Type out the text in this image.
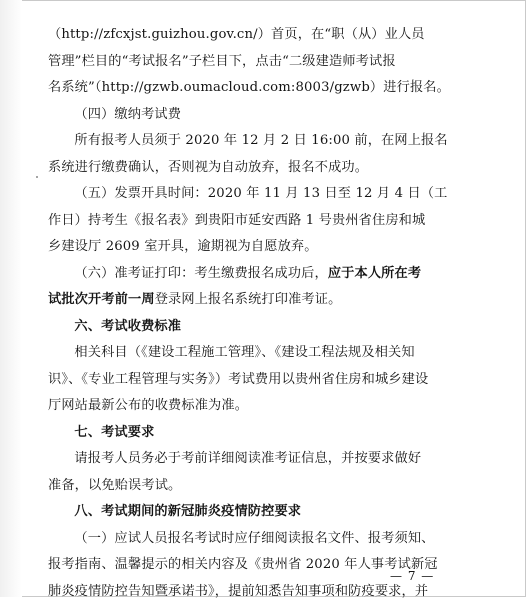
（http://zfcxjst.guizhou.gov.cn/）首页，在“职（从）业人员

管理”栏目的“考试报名”子栏目下，点击“二级建造师考试报

名系统”（http://gzwb.oumacloud.com:8003/gzwb）进行报名。

（四）缴纳考试费

所有报考人员须于 2020 年 12 月 2 日 16:00 前，在网上报名

系统进行缴费确认，否则视为自动放弃，报名不成功。

（五）发票开具时间：2020 年 11 月 13 日至 12 月 4 日（工

作日）持考生《报名表》到贵阳市延安西路 1 号贵州省住房和城

乡建设厅 2609 室开具，逾期视为自愿放弃。

（六）准考证打印：考生缴费报名成功后，应于本人所在考

试批次开考前一周登录网上报名系统打印准考证。

六、考试收费标准

相关科目（《建设工程施工管理》、《建设工程法规及相关知

识》、《专业工程管理与实务》）考试费用以贵州省住房和城乡建设

厅网站最新公布的收费标准为准。

七、考试要求

请报考人员务必于考前详细阅读准考证信息，并按要求做好

准备，以免贻误考试。

八、考试期间的新冠肺炎疫情防控要求

（一）应试人员报名考试时应仔细阅读报名文件、报考须知、

报考指南、温馨提示的相关内容及《贵州省 2020 年人事考试新冠

肺炎疫情防控告知暨承诺书》，提前知悉告知事项和防疫要求，并

— 7 —
